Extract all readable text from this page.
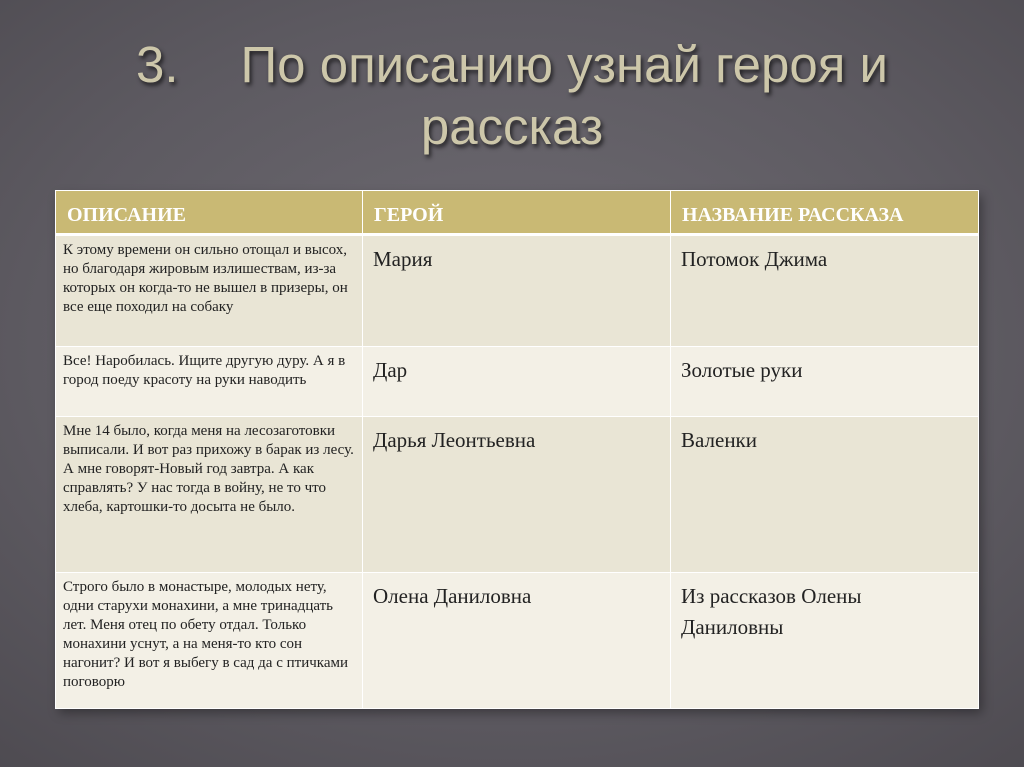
3. По описанию узнай героя и
рассказ
ОПИСАНИЕ	ГЕРОЙ	НАЗВАНИЕ РАССКАЗА
К этому времени он сильно отощал и высох, но благодаря жировым излишествам, из-за которых он когда-то не вышел в призеры, он все еще походил на собаку	Мария	Потомок Джима
Все! Наробилась. Ищите другую дуру. А я в город поеду красоту на руки наводить	Дар	Золотые руки
Мне 14 было, когда меня на лесозаготовки выписали. И вот раз прихожу в барак из лесу. А мне говорят-Новый год завтра. А как справлять? У нас тогда в войну, не то что хлеба, картошки-то досыта не было.	Дарья Леонтьевна	Валенки
Строго было в монастыре, молодых нету, одни старухи монахини, а мне тринадцать лет. Меня отец по обету отдал. Только монахини уснут, а на меня-то кто сон нагонит? И вот я выбегу в сад да с птичками поговорю	Олена Даниловна	Из рассказов Олены Даниловны
